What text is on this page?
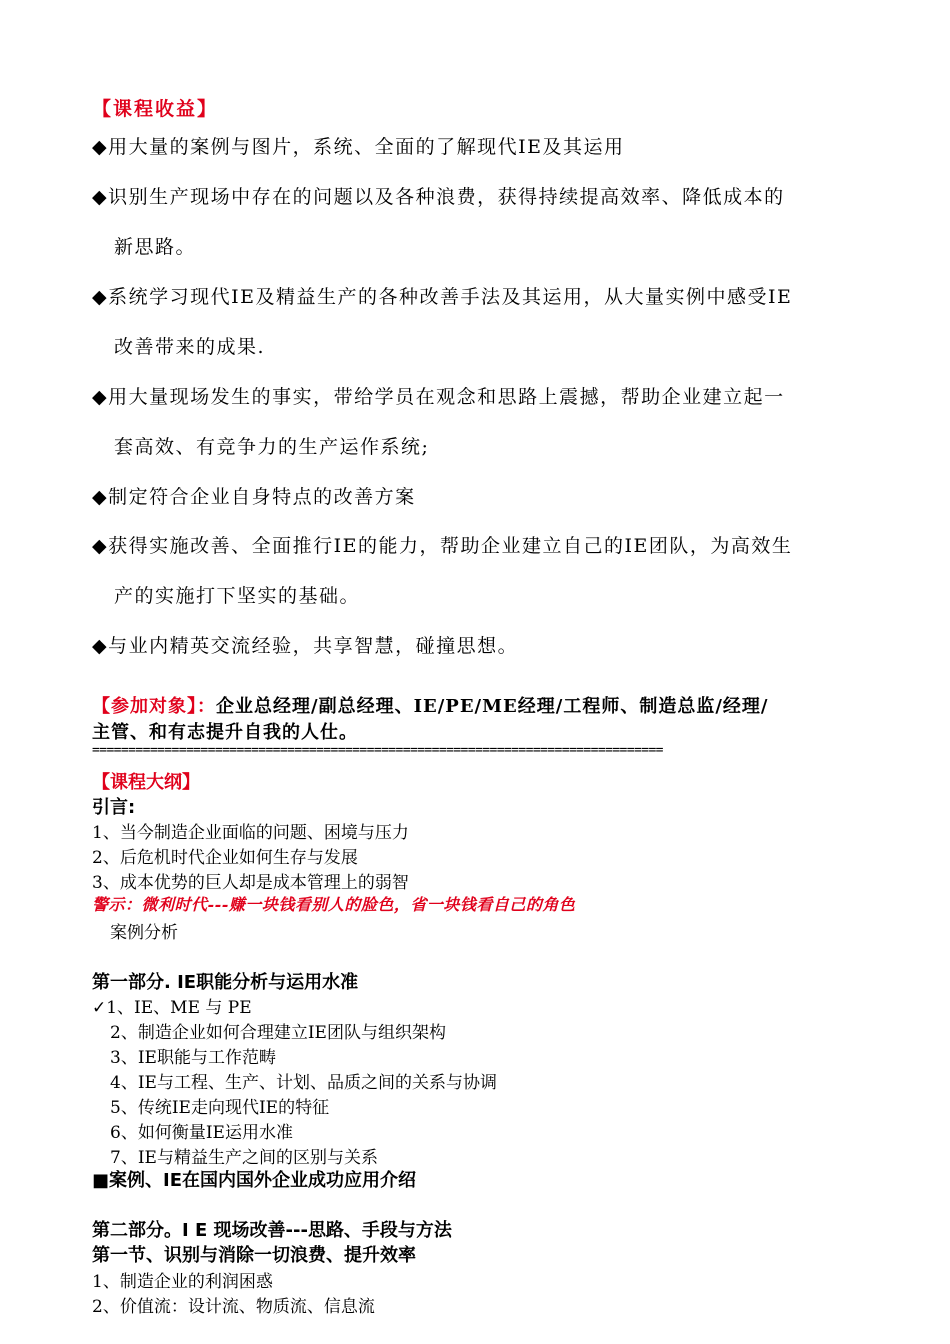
【课程收益】
◆用大量的案例与图片，系统、全面的了解现代IE及其运用
◆识别生产现场中存在的问题以及各种浪费，获得持续提高效率、降低成本的
新思路。
◆系统学习现代IE及精益生产的各种改善手法及其运用，从大量实例中感受IE
改善带来的成果.
◆用大量现场发生的事实，带给学员在观念和思路上震撼，帮助企业建立起一
套高效、有竞争力的生产运作系统;
◆制定符合企业自身特点的改善方案
◆获得实施改善、全面推行IE的能力，帮助企业建立自己的IE团队，为高效生
产的实施打下坚实的基础。
◆与业内精英交流经验，共享智慧，碰撞思想。
【参加对象】：企业总经理/副总经理、IE/PE/ME经理/工程师、制造总监/经理/
主管、和有志提升自我的人仕。
===============================================================================
【课程大纲】
引言:
1、当今制造企业面临的问题、困境与压力
2、后危机时代企业如何生存与发展
3、成本优势的巨人却是成本管理上的弱智
警示：微利时代---赚一块钱看别人的脸色，省一块钱看自己的角色
案例分析
第一部分. IE职能分析与运用水准
✓1、IE、ME 与 PE
2、制造企业如何合理建立IE团队与组织架构
3、IE职能与工作范畴
4、IE与工程、生产、计划、品质之间的关系与协调
5、传统IE走向现代IE的特征
6、如何衡量IE运用水准
7、IE与精益生产之间的区别与关系
■案例、IE在国内国外企业成功应用介绍
第二部分。I E 现场改善---思路、手段与方法
第一节、识别与消除一切浪费、提升效率
1、制造企业的利润困惑
2、价值流：设计流、物质流、信息流
